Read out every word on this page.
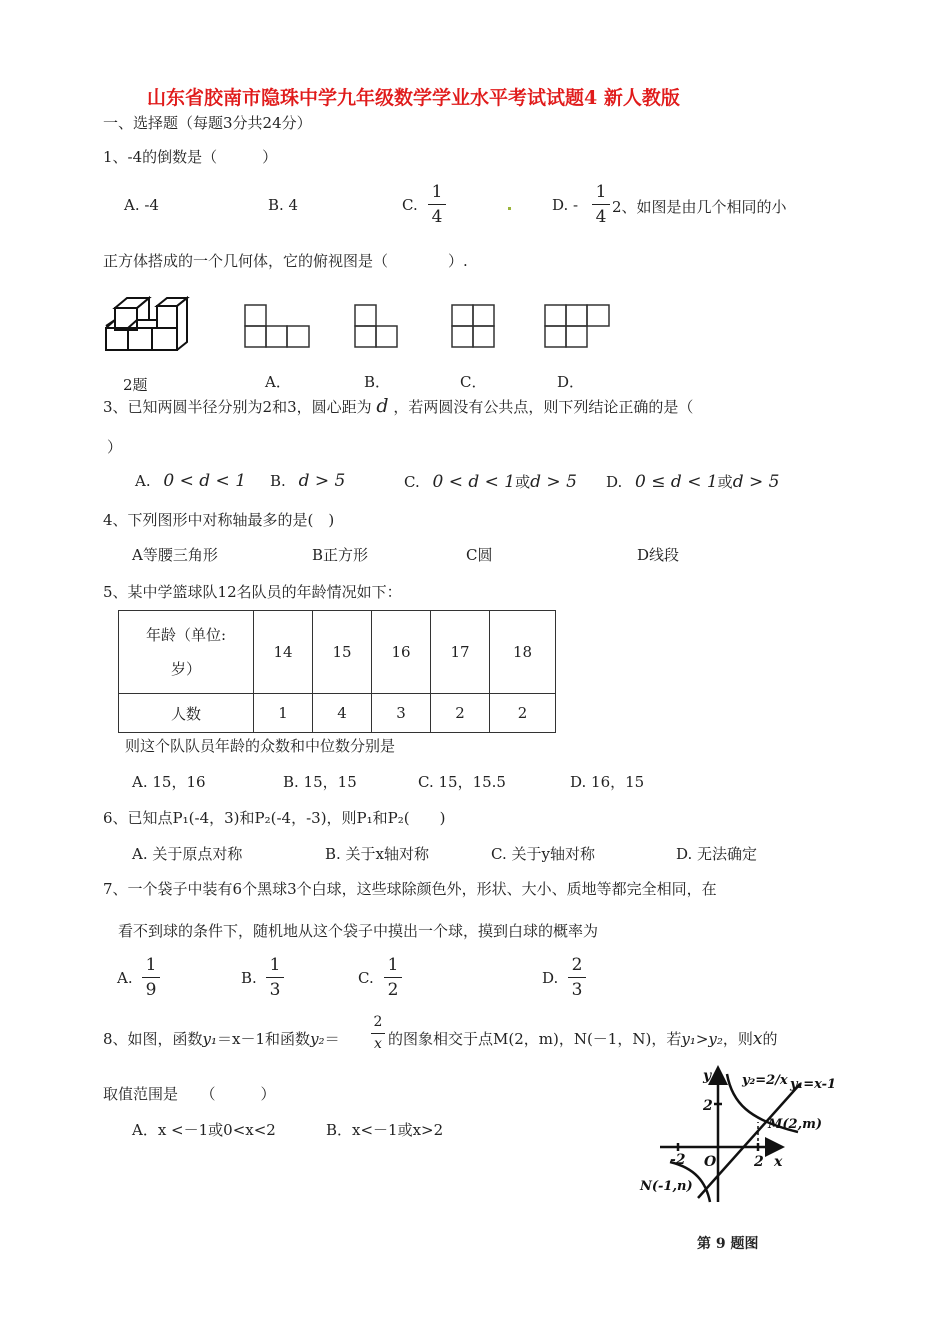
山东省胶南市隐珠中学九年级数学学业水平考试试题4 新人教版
一、选择题（每题3分共24分）
1、-4的倒数是（　　　）
A. -4	B. 4	C.
1
4
D. -
1
4 2、如图是由几个相同的小
正方体搭成的一个几何体，它的俯视图是（　　　　）.
2题	A．	B．	C．	D．
3、已知两圆半径分别为2和3，圆心距为 d ，若两圆没有公共点，则下列结论正确的是（
）
A. 0 < d < 1 B. d > 5	C. 0 < d < 1或d > 5 D. 0 ≤ d < 1或d > 5
4、下列图形中对称轴最多的是(　)
A等腰三角形	B正方形	C圆	D线段
5、某中学篮球队12名队员的年龄情况如下：
年龄（单位:
岁）	14	15	16	17	18
人数	1	4	3	2	2
则这个队队员年龄的众数和中位数分别是
A. 15，16	B. 15，15	C. 15，15.5	D. 16，15
6、已知点P₁(-4，3)和P₂(-4，-3)，则P₁和P₂(　　)
A. 关于原点对称	B. 关于x轴对称	C. 关于y轴对称	D. 无法确定
7、一个袋子中装有6个黑球3个白球，这些球除颜色外，形状、大小、质地等都完全相同，在
看不到球的条件下，随机地从这个袋子中摸出一个球，摸到白球的概率为
A.
1
9
B.
1
3
C.
1
2
D.
2
3
8、如图，函数y₁＝x－1和函数y₂＝
2
x 的图象相交于点M(2，m)，N(－1，N)，若y₁>y₂，则x的
取值范围是　　（　　　）
A．x <－1或0<x<2	B．x<－1或x>2
y
x
O
2
2
-2
y₂=2/x y₁=x-1
M(2,m)
N(-1,n)
第 9 题图
